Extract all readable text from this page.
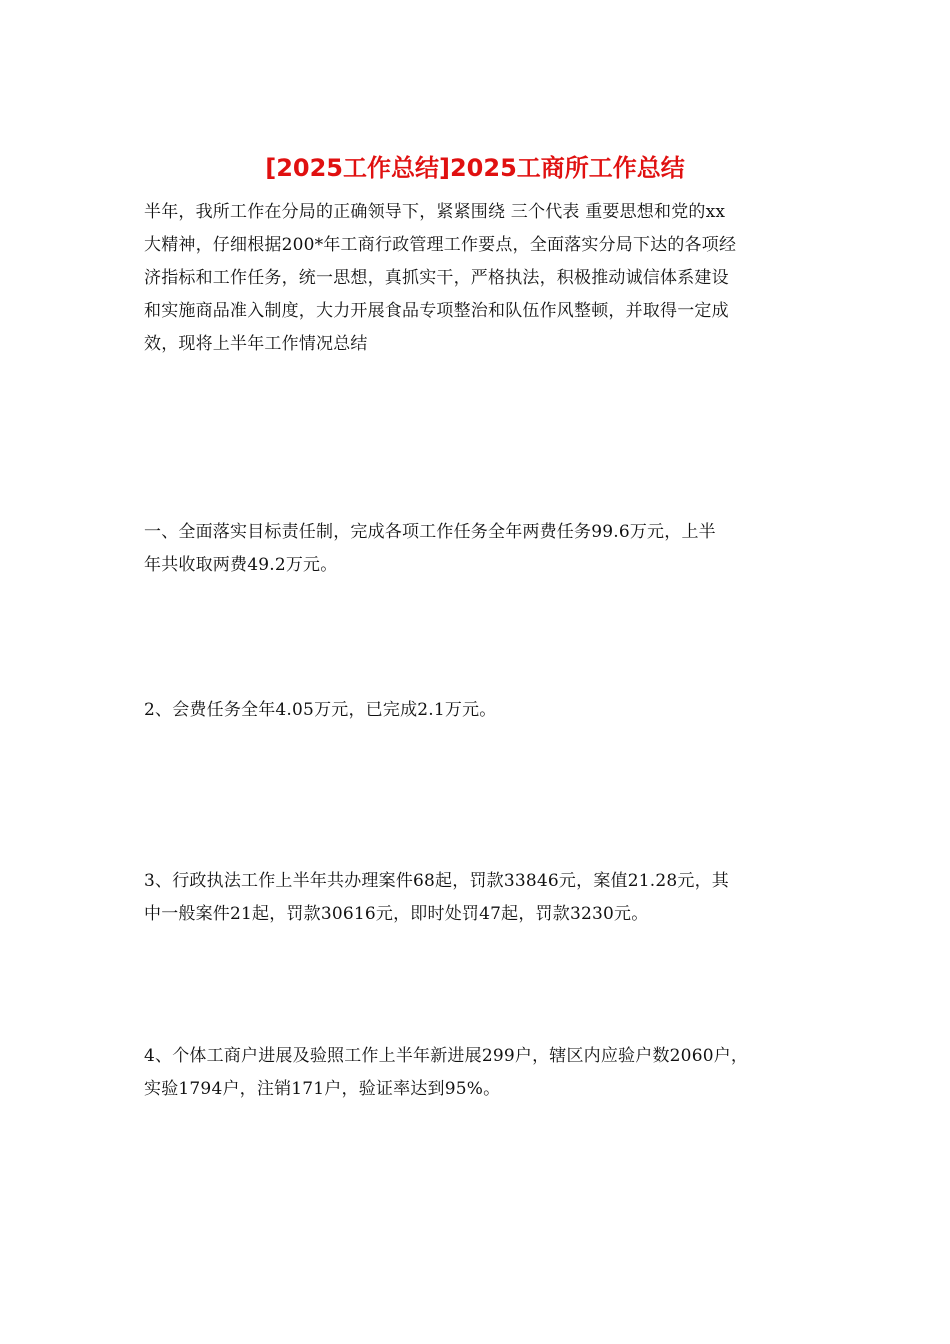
[2025工作总结]2025工商所工作总结
半年，我所工作在分局的正确领导下，紧紧围绕 三个代表 重要思想和党的xx
大精神，仔细根据200*年工商行政管理工作要点，全面落实分局下达的各项经
济指标和工作任务，统一思想，真抓实干，严格执法，积极推动诚信体系建设
和实施商品准入制度，大力开展食品专项整治和队伍作风整顿，并取得一定成
效，现将上半年工作情况总结
一、全面落实目标责任制，完成各项工作任务全年两费任务99.6万元，上半
年共收取两费49.2万元。
2、会费任务全年4.05万元，已完成2.1万元。
3、行政执法工作上半年共办理案件68起，罚款33846元，案值21.28元，其
中一般案件21起，罚款30616元，即时处罚47起，罚款3230元。
4、个体工商户进展及验照工作上半年新进展299户，辖区内应验户数2060户，
实验1794户，注销171户，验证率达到95%。
